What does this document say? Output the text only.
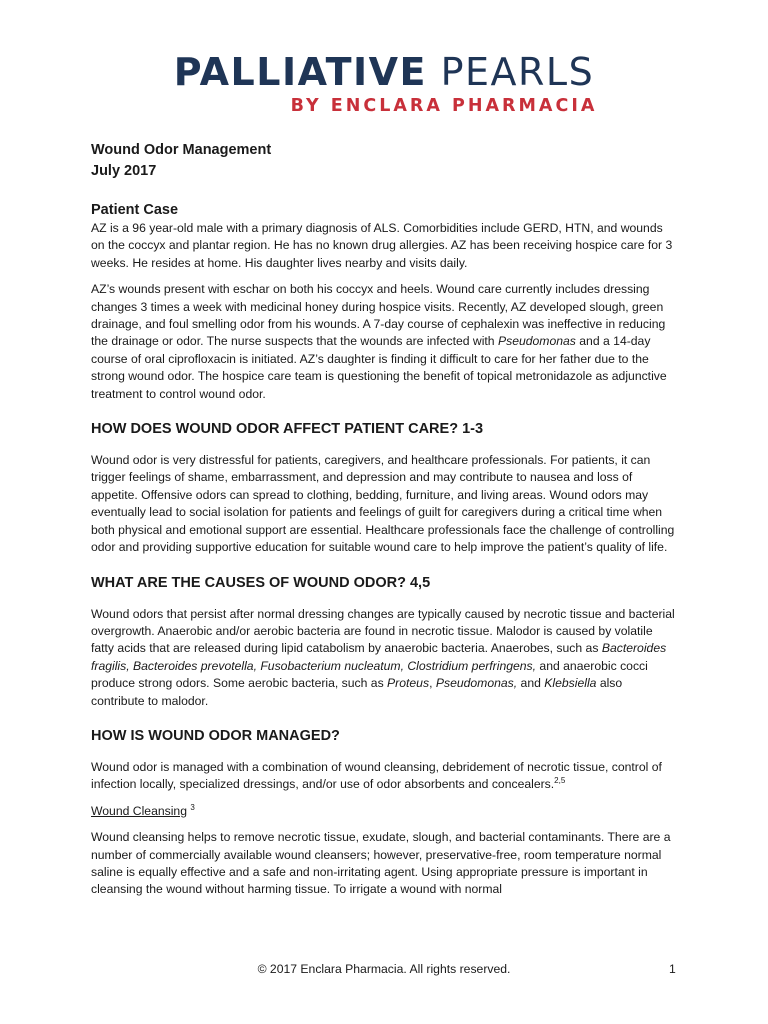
PALLIATIVE PEARLS
BY ENCLARA PHARMACIA
Wound Odor Management
July 2017
Patient Case

AZ is a 96 year-old male with a primary diagnosis of ALS. Comorbidities include GERD, HTN, and wounds on the coccyx and plantar region. He has no known drug allergies. AZ has been receiving hospice care for 3 weeks. He resides at home. His daughter lives nearby and visits daily.

AZ’s wounds present with eschar on both his coccyx and heels. Wound care currently includes dressing changes 3 times a week with medicinal honey during hospice visits. Recently, AZ developed slough, green drainage, and foul smelling odor from his wounds. A 7-day course of cephalexin was ineffective in reducing the drainage or odor. The nurse suspects that the wounds are infected with Pseudomonas and a 14-day course of oral ciprofloxacin is initiated. AZ’s daughter is finding it difficult to care for her father due to the strong wound odor. The hospice care team is questioning the benefit of topical metronidazole as adjunctive treatment to control wound odor.

HOW DOES WOUND ODOR AFFECT PATIENT CARE? 1-3

Wound odor is very distressful for patients, caregivers, and healthcare professionals. For patients, it can trigger feelings of shame, embarrassment, and depression and may contribute to nausea and loss of appetite. Offensive odors can spread to clothing, bedding, furniture, and living areas. Wound odors may eventually lead to social isolation for patients and feelings of guilt for caregivers during a critical time when both physical and emotional support are essential. Healthcare professionals face the challenge of controlling odor and providing supportive education for suitable wound care to help improve the patient’s quality of life.

WHAT ARE THE CAUSES OF WOUND ODOR? 4,5

Wound odors that persist after normal dressing changes are typically caused by necrotic tissue and bacterial overgrowth. Anaerobic and/or aerobic bacteria are found in necrotic tissue. Malodor is caused by volatile fatty acids that are released during lipid catabolism by anaerobic bacteria. Anaerobes, such as Bacteroides fragilis, Bacteroides prevotella, Fusobacterium nucleatum, Clostridium perfringens, and anaerobic cocci produce strong odors. Some aerobic bacteria, such as Proteus, Pseudomonas, and Klebsiella also contribute to malodor.

HOW IS WOUND ODOR MANAGED?

Wound odor is managed with a combination of wound cleansing, debridement of necrotic tissue, control of infection locally, specialized dressings, and/or use of odor absorbents and concealers.$^{2,5}$

Wound Cleansing $^3$

Wound cleansing helps to remove necrotic tissue, exudate, slough, and bacterial contaminants. There are a number of commercially available wound cleansers; however, preservative-free, room temperature normal saline is equally effective and a safe and non-irritating agent. Using appropriate pressure is important in cleansing the wound without harming tissue. To irrigate a wound with normal

© 2017 Enclara Pharmacia. All rights reserved.	1
